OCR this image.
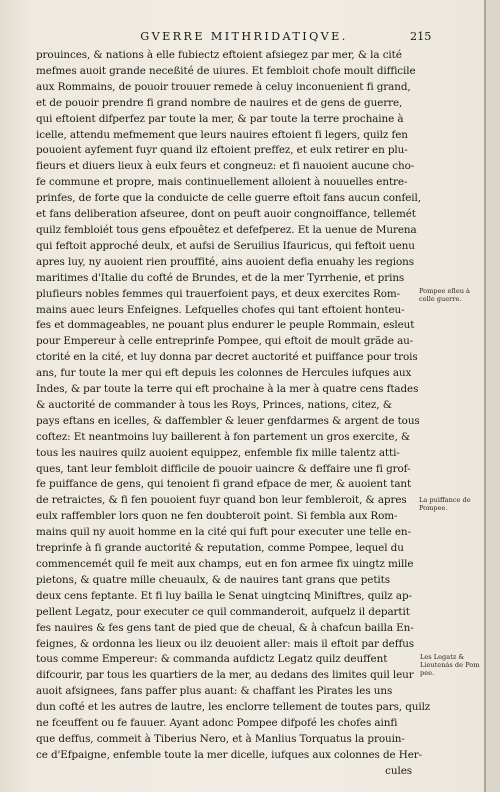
GVERRE MITHRIDATIQVE.	215
prouinces, & nations à elle fubiectz eftoient afsiegez par mer, & la cité
mefmes auoit grande neceßité de uiures. Et fembloit chofe moult difficile
aux Rommains, de pouoir trouuer remede à celuy inconuenient fi grand,
et de pouoir prendre fi grand nombre de nauires et de gens de guerre,
qui eftoient difperfez par toute la mer, & par toute la terre prochaine à
icelle, attendu mefmement que leurs nauires eftoient fi legers, quilz fen
pouoient ayfement fuyr quand ilz eftoient preffez, et eulx retirer en plu-
fieurs et diuers lieux à eulx feurs et congneuz: et fi nauoient aucune cho-
fe commune et propre, mais continuellement alloient à nouuelles entre-
prinfes, de forte que la conduicte de celle guerre eftoit fans aucun confeil,
et fans deliberation afseuree, dont on peuft auoir congnoiffance, tellemét
quilz fembloiét tous gens efpouêtez et defefperez. Et la uenue de Murena
qui feftoit approché deulx, et aufsi de Seruilius Ifauricus, qui feftoit uenu
apres luy, ny auoient rien prouffité, ains auoient defia enuahy les regions
maritimes d'Italie du cofté de Brundes, et de la mer Tyrrhenie, et prins
plufieurs nobles femmes qui trauerfoient pays, et deux exercites Rom-
mains auec leurs Enfeignes. Lefquelles chofes qui tant eftoient honteu-
fes et dommageables, ne pouant plus endurer le peuple Rommain, esleut
pour Empereur à celle entreprinfe Pompee, qui eftoit de moult grãde au-
ctorité en la cité, et luy donna par decret auctorité et puiffance pour trois
ans, fur toute la mer qui eft depuis les colonnes de Hercules iufques aux
Indes, & par toute la terre qui eft prochaine à la mer à quatre cens ftades
& auctorité de commander à tous les Roys, Princes, nations, citez, &
pays eftans en icelles, & daffembler & leuer genfdarmes & argent de tous
coftez: Et neantmoins luy baillerent à fon partement un gros exercite, &
tous les nauires quilz auoient equippez, enfemble fix mille talentz atti-
ques, tant leur fembloit difficile de pouoir uaincre & deffaire une fi grof-
fe puiffance de gens, qui tenoient fi grand efpace de mer, & auoient tant
de retraictes, & fi fen pouoient fuyr quand bon leur fembleroit, & apres
eulx raffembler lors quon ne fen doubteroit point. Si fembla aux Rom-
mains quil ny auoit homme en la cité qui fuft pour executer une telle en-
treprinfe à fi grande auctorité & reputation, comme Pompee, lequel du
commencemét quil fe meit aux champs, eut en fon armee fix uingtz mille
pietons, & quatre mille cheuaulx, & de nauires tant grans que petits
deux cens feptante. Et fi luy bailla le Senat uingtcinq Miniftres, quilz ap-
pellent Legatz, pour executer ce quil commanderoit, aufquelz il departit
fes nauires & fes gens tant de pied que de cheual, & à chafcun bailla En-
feignes, & ordonna les lieux ou ilz deuoient aller: mais il eftoit par deffus
tous comme Empereur: & commanda aufdictz Legatz quilz deuffent
difcourir, par tous les quartiers de la mer, au dedans des limites quil leur
auoit afsignees, fans paffer plus auant: & chaffant les Pirates les uns
dun cofté et les autres de lautre, les enclorre tellement de toutes pars, quilz
ne fceuffent ou fe fauuer. Ayant adonc Pompee difpofé les chofes ainfi
que deffus, commeit à Tiberius Nero, et à Manlius Torquatus la prouin-
ce d'Efpaigne, enfemble toute la mer dicelle, iufques aux colonnes de Her-
cules
Pompee efleu à
celle guerre.
La puiffance de
Pompee.
Les Legatz &
Lieutenás de Pom
pee.
